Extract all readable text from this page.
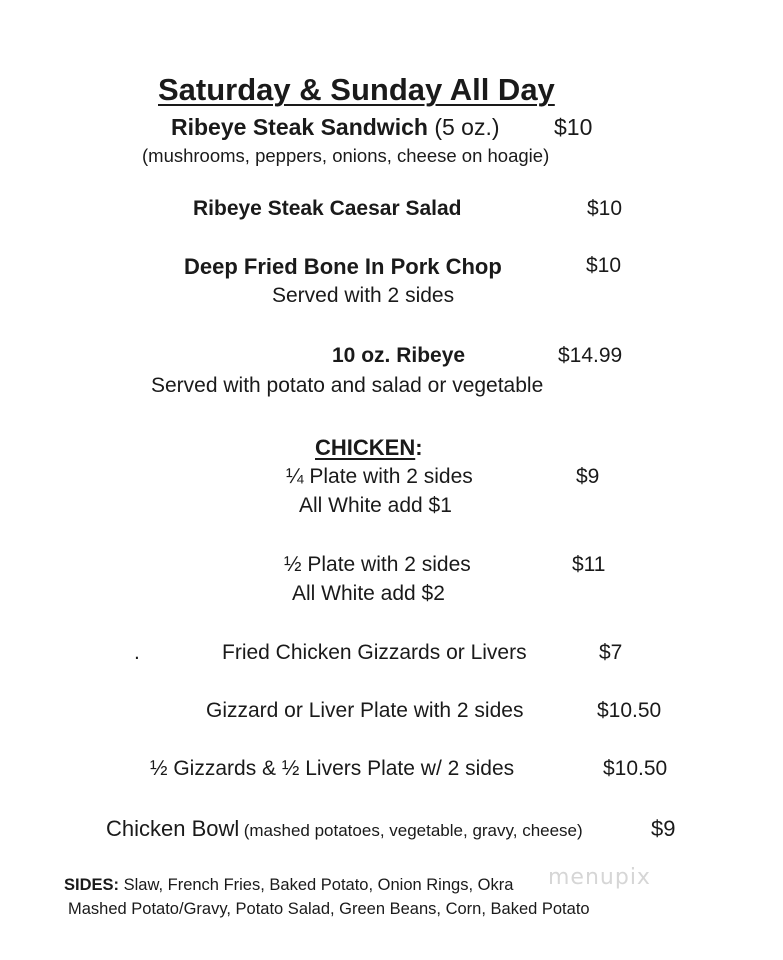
Saturday & Sunday All Day
Ribeye Steak Sandwich (5 oz.) $10
(mushrooms, peppers, onions, cheese on hoagie)
Ribeye Steak Caesar Salad	$10
Deep Fried Bone In Pork Chop	$10
Served with 2 sides
10 oz. Ribeye	$14.99
Served with potato and salad or vegetable
CHICKEN:
¼ Plate with 2 sides	$9
All White add $1
½ Plate with 2 sides	$11
All White add $2
.	Fried Chicken Gizzards or Livers	$7
Gizzard or Liver Plate with 2 sides	$10.50
½ Gizzards & ½ Livers Plate w/ 2 sides	$10.50
Chicken Bowl (mashed potatoes, vegetable, gravy, cheese)	$9
menupix
SIDES: Slaw, French Fries, Baked Potato, Onion Rings, Okra
Mashed Potato/Gravy, Potato Salad, Green Beans, Corn, Baked Potato
